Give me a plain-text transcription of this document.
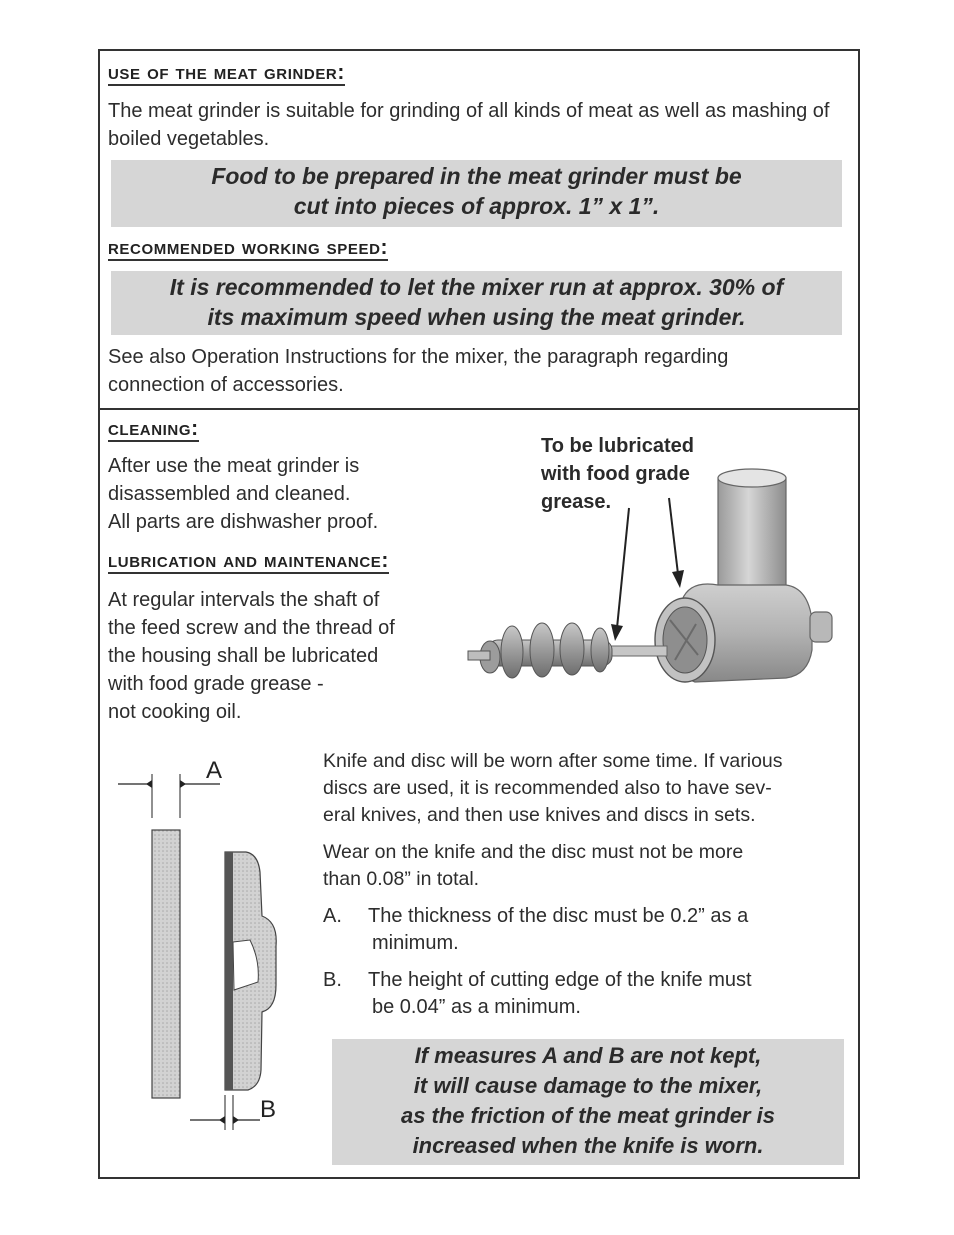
use of the meat grinder:
The meat grinder is suitable for grinding of all kinds of meat as well as mashing of boiled vegetables.
Food to be prepared in the meat grinder must be
cut into pieces of approx. 1” x 1”.
recommended working speed:
It is recommended to let the mixer run at approx. 30% of
its maximum speed when using the meat grinder.
See also Operation Instructions for the mixer, the paragraph regarding
connection of accessories.
cleaning:
After use the meat grinder is
disassembled and cleaned.
All parts are dishwasher proof.
lubrication and maintenance:
At regular intervals the shaft of
the feed screw and the thread of
the housing shall be lubricated
with food grade grease -
not cooking oil.
To be lubricated
with food grade
grease.
A
B
Knife and disc will be worn after some time. If various
discs are used, it is recommended also to have sev-
eral knives, and then use knives and discs in sets.
Wear on the knife and the disc must not be more
than 0.08” in total.
A. The thickness of the disc must be 0.2” as a
minimum.
B. The height of cutting edge of the knife must
be 0.04” as a minimum.
If measures A and B are not kept,
it will cause damage to the mixer,
as the friction of the meat grinder is
increased when the knife is worn.
